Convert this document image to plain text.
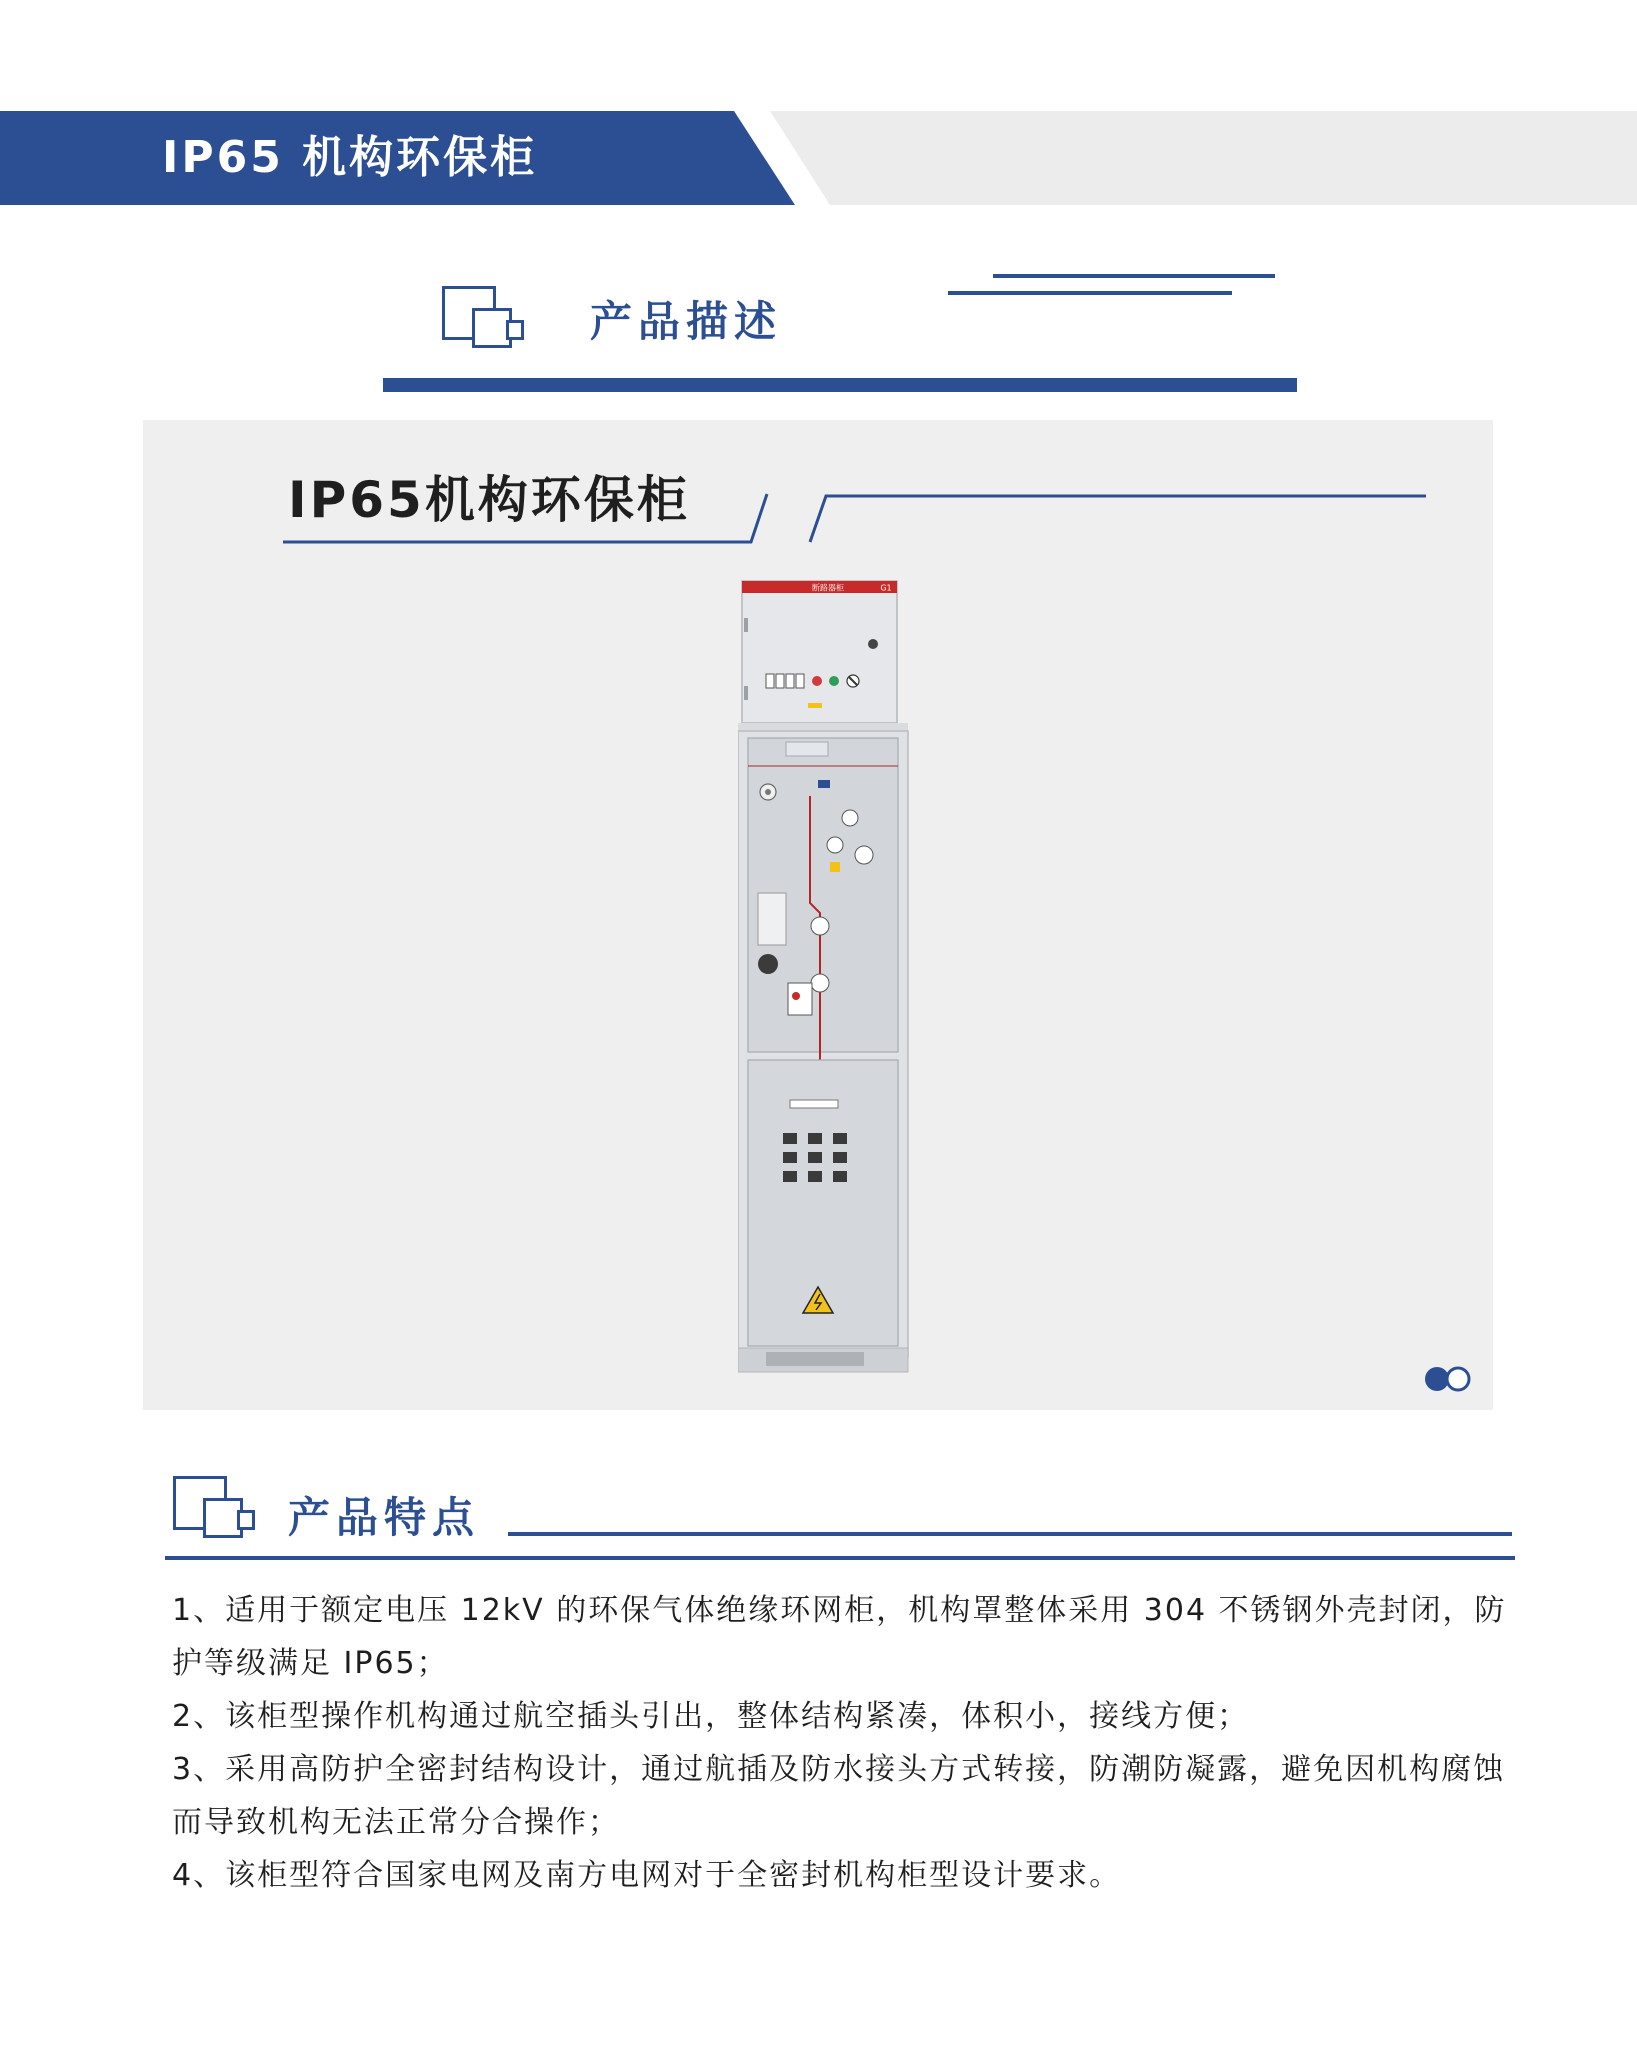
IP65 机构环保柜
产品描述
IP65机构环保柜
断路器柜	G1
产品特点

1、适用于额定电压 12kV 的环保气体绝缘环网柜，机构罩整体采用 304 不锈钢外壳封闭，防护等级满足 IP65；

2、该柜型操作机构通过航空插头引出，整体结构紧凑，体积小，接线方便；

3、采用高防护全密封结构设计，通过航插及防水接头方式转接，防潮防凝露，避免因机构腐蚀而导致机构无法正常分合操作；

4、该柜型符合国家电网及南方电网对于全密封机构柜型设计要求。
